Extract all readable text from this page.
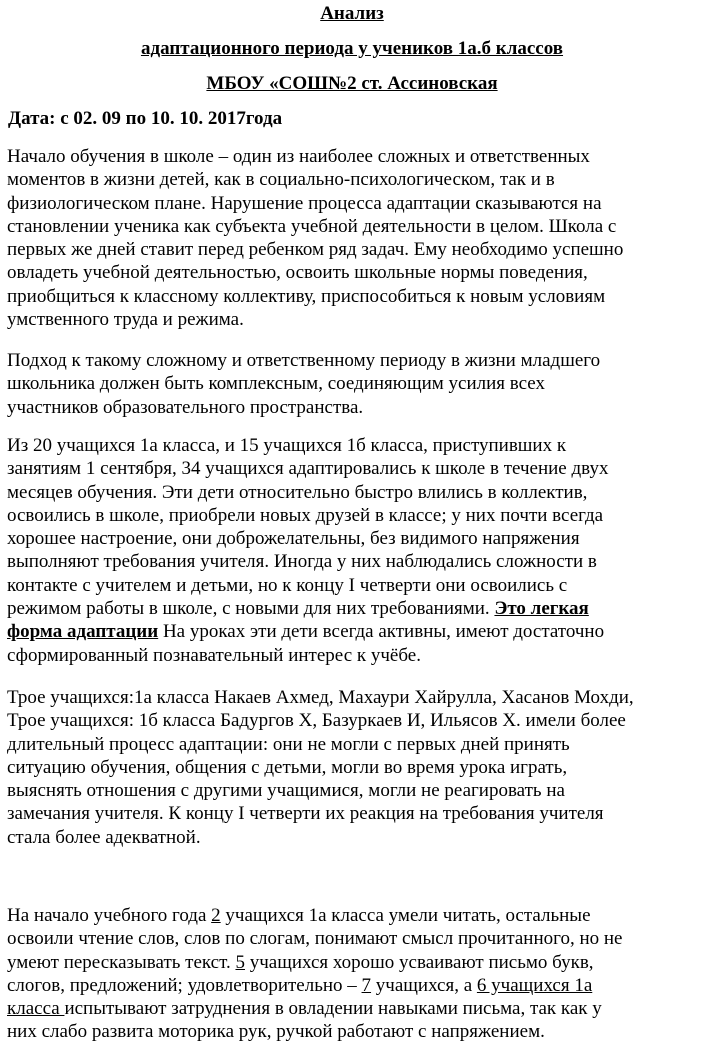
Анализ
адаптационного периода у учеников 1а.б классов
МБОУ «СОШ№2 ст. Ассиновская
Дата: с 02. 09 по 10. 10. 2017года
Начало обучения в школе – один из наиболее сложных и ответственных
моментов в жизни детей, как в социально-психологическом, так и в
физиологическом плане. Нарушение процесса адаптации сказываются на
становлении ученика как субъекта учебной деятельности в целом. Школа с
первых же дней ставит перед ребенком ряд задач. Ему необходимо успешно
овладеть учебной деятельностью, освоить школьные нормы поведения,
приобщиться к классному коллективу, приспособиться к новым условиям
умственного труда и режима.
Подход к такому сложному и ответственному периоду в жизни младшего
школьника должен быть комплексным, соединяющим усилия всех
участников образовательного пространства.
Из 20 учащихся 1а класса, и 15 учащихся 1б класса, приступивших к
занятиям 1 сентября, 34 учащихся адаптировались к школе в течение двух
месяцев обучения. Эти дети относительно быстро влились в коллектив,
освоились в школе, приобрели новых друзей в классе; у них почти всегда
хорошее настроение, они доброжелательны, без видимого напряжения
выполняют требования учителя. Иногда у них наблюдались сложности в
контакте с учителем и детьми, но к концу I четверти они освоились с
режимом работы в школе, с новыми для них требованиями. Это легкая
форма адаптации На уроках эти дети всегда активны, имеют достаточно
сформированный познавательный интерес к учёбе.
Трое учащихся:1а класса Накаев Ахмед, Махаури Хайрулла, Хасанов Мохди,
Трое учащихся: 1б класса Бадургов Х, Базуркаев И, Ильясов Х. имели более
длительный процесс адаптации: они не могли с первых дней принять
ситуацию обучения, общения с детьми, могли во время урока играть,
выяснять отношения с другими учащимися, могли не реагировать на
замечания учителя. К концу I четверти их реакция на требования учителя
стала более адекватной.
На начало учебного года 2 учащихся 1а класса умели читать, остальные
освоили чтение слов, слов по слогам, понимают смысл прочитанного, но не
умеют пересказывать текст. 5 учащихся хорошо усваивают письмо букв,
слогов, предложений; удовлетворительно – 7 учащихся, а 6 учащихся 1а
класса испытывают затруднения в овладении навыками письма, так как у
них слабо развита моторика рук, ручкой работают с напряжением.
